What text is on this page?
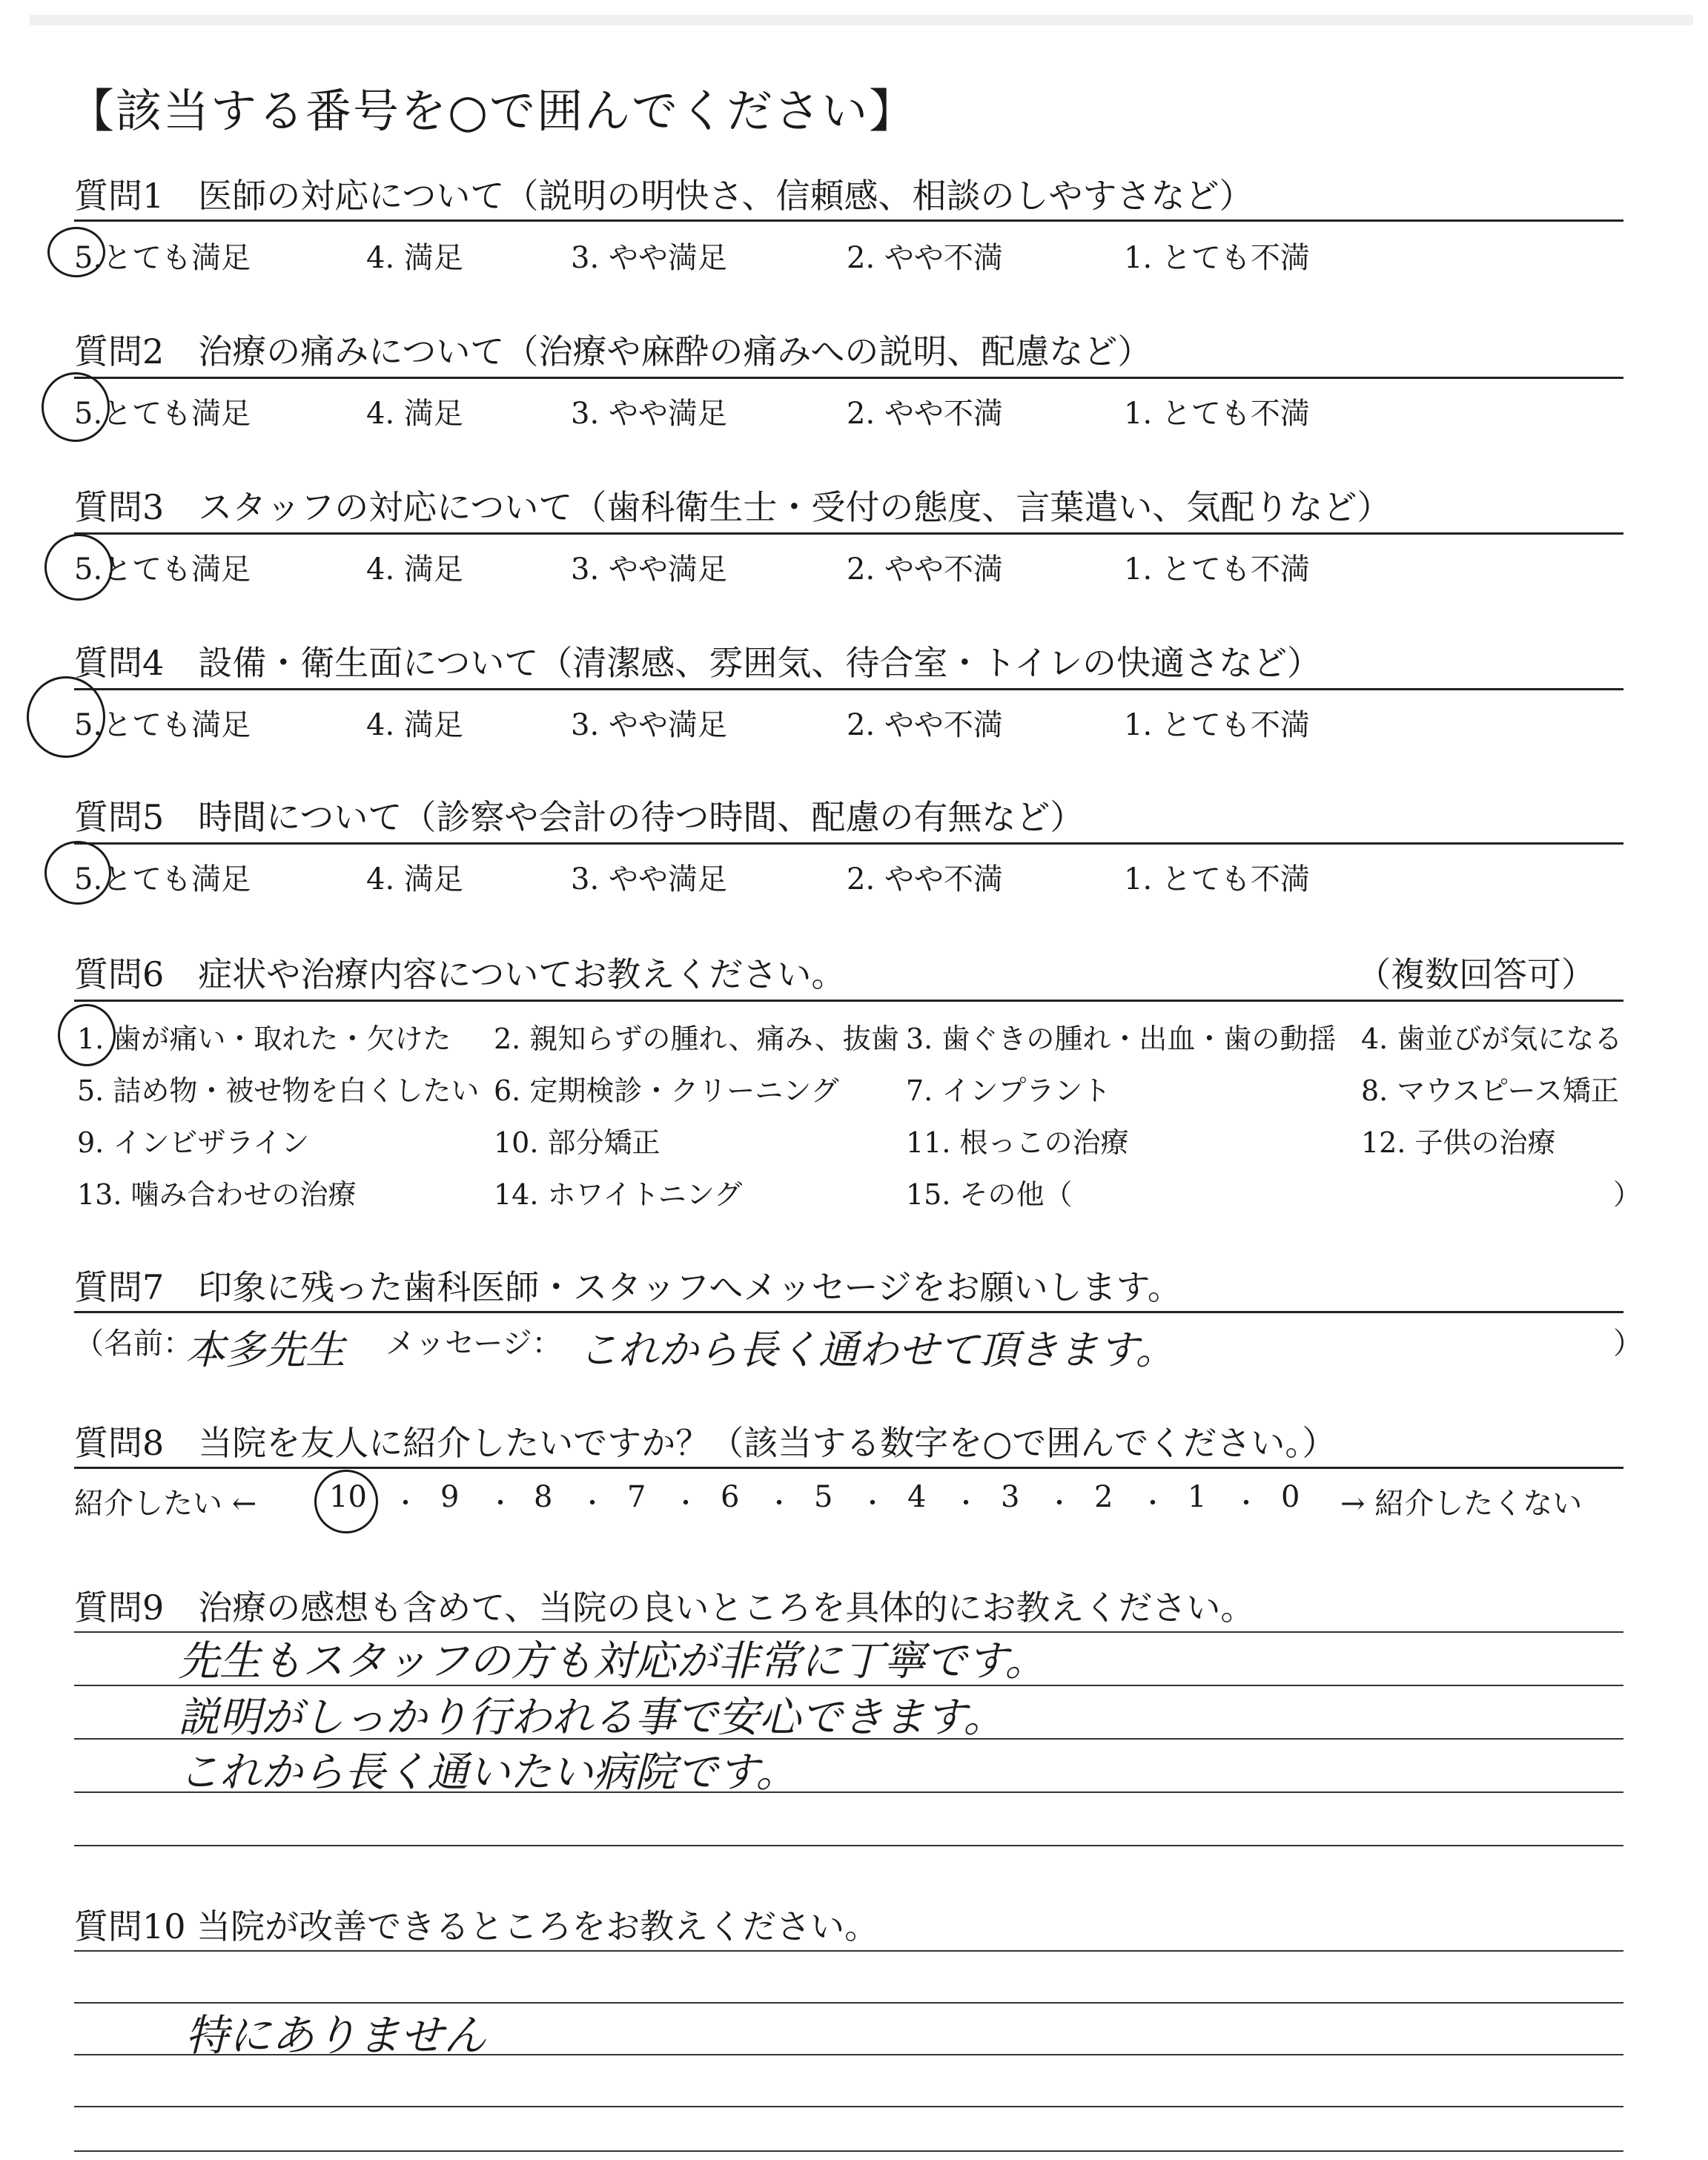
【該当する番号を○で囲んでください】
質問1　医師の対応について（説明の明快さ、信頼感、相談のしやすさなど）
5.とても満足	4. 満足	3. やや満足	2. やや不満	1. とても不満
質問2　治療の痛みについて（治療や麻酔の痛みへの説明、配慮など）
5.とても満足	4. 満足	3. やや満足	2. やや不満	1. とても不満
質問3　スタッフの対応について（歯科衛生士・受付の態度、言葉遣い、気配りなど）
5.とても満足	4. 満足	3. やや満足	2. やや不満	1. とても不満
質問4　設備・衛生面について（清潔感、雰囲気、待合室・トイレの快適さなど）
5.とても満足	4. 満足	3. やや満足	2. やや不満	1. とても不満
質問5　時間について（診察や会計の待つ時間、配慮の有無など）
5.とても満足	4. 満足	3. やや満足	2. やや不満	1. とても不満
質問6　症状や治療内容についてお教えください。	（複数回答可）
1. 歯が痛い・取れた・欠けた 2. 親知らずの腫れ、痛み、抜歯 3. 歯ぐきの腫れ・出血・歯の動揺 4. 歯並びが気になる
5. 詰め物・被せ物を白くしたい 6. 定期検診・クリーニング 7. インプラント	8. マウスピース矯正
9. インビザライン	10. 部分矯正	11. 根っこの治療	12. 子供の治療
13. 噛み合わせの治療	14. ホワイトニング	15. その他（	）
質問7　印象に残った歯科医師・スタッフへメッセージをお願いします。
（名前：
本多先生 メッセージ： これから長く通わせて頂きます。	）
質問8　当院を友人に紹介したいですか？（該当する数字を○で囲んでください。）
紹介したい ← 10 ・ 9 ・ 8 ・ 7 ・ 6 ・ 5 ・ 4 ・ 3 ・ 2 ・ 1 ・ 0 → 紹介したくない
質問9　治療の感想も含めて、当院の良いところを具体的にお教えください。
先生もスタッフの方も対応が非常に丁寧です。
説明がしっかり行われる事で安心できます。
これから長く通いたい病院です。
質問10 当院が改善できるところをお教えください。
特にありません
